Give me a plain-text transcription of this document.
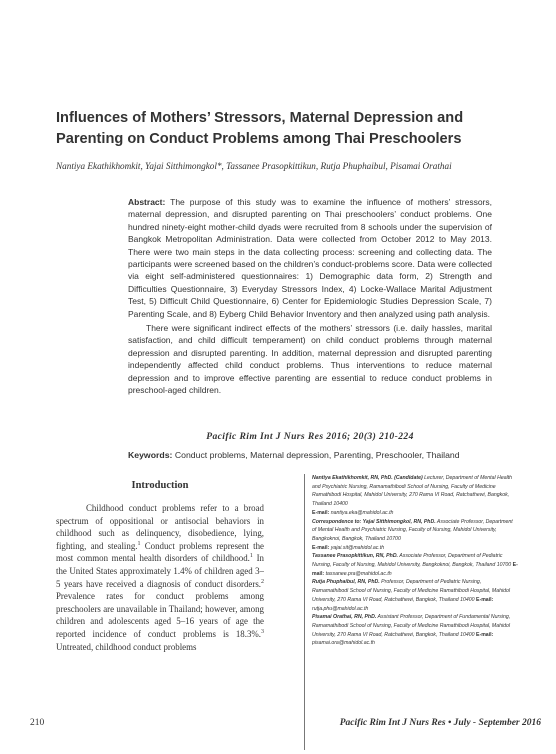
Influences of Mothers’ Stressors, Maternal Depression and Parenting on Conduct Problems among Thai Preschoolers
Nantiya Ekathikhomkit, Yajai Sitthimongkol*, Tassanee Prasopkittikun, Rutja Phuphaibul, Pisamai Orathai

Abstract: The purpose of this study was to examine the influence of mothers’ stressors, maternal depression, and disrupted parenting on Thai preschoolers’ conduct problems. One hundred ninety-eight mother-child dyads were recruited from 8 schools under the supervision of Bangkok Metropolitan Administration. Data were collected from October 2012 to May 2013. There were two main steps in the data collecting process: screening and collecting data. The participants were screened based on the children’s conduct-problems score. Data were collected via eight self-administered questionnaires: 1) Demographic data form, 2) Strength and Difficulties Questionnaire, 3) Everyday Stressors Index, 4) Locke-Wallace Marital Adjustment Test, 5) Difficult Child Questionnaire, 6) Center for Epidemiologic Studies Depression Scale, 7) Parenting Scale, and 8) Eyberg Child Behavior Inventory and then analyzed using path analysis.

There were significant indirect effects of the mothers’ stressors (i.e. daily hassles, marital satisfaction, and child difficult temperament) on child conduct problems through maternal depression and disrupted parenting. In addition, maternal depression and disrupted parenting independently affected child conduct problems. Thus interventions to reduce maternal depression and to improve effective parenting are essential to reduce conduct problems in preschool-aged children.

Pacific Rim Int J Nurs Res 2016; 20(3) 210-224
Keywords: Conduct problems, Maternal depression, Parenting, Preschooler, Thailand
Introduction
Childhood conduct problems refer to a broad spectrum of oppositional or antisocial behaviors in childhood such as delinquency, disobedience, lying, fighting, and stealing.$^1$ Conduct problems represent the most common mental health disorders of childhood.$^1$ In the United States approximately 1.4% of children aged 3–5 years have received a diagnosis of conduct disorders.$^2$ Prevalence rates for conduct problems among preschoolers are unavailable in Thailand; however, among children and adolescents aged 5–16 years of age the reported incidence of conduct problems is 18.3%.$^3$ Untreated, childhood conduct problems
Nantiya Ekathikhomkit, RN, PhD. (Candidate) Lecturer, Department of Mental Health and Psychiatric Nursing, Ramamathibodi School of Nursing, Faculty of Medicine Ramathibodi Hospital, Mahidol University, 270 Rama VI Road, Ratchathewi, Bangkok, Thailand 10400
E-mail: nantiya.eka@mahidol.ac.th
Correspondence to: Yajai Sitthimongkol, RN, PhD. Associate Professor, Department of Mental Health and Psychiatric Nursing, Faculty of Nursing, Mahidol University, Bangkoknoi, Bangkok, Thailand 10700
E-mail: yajai.sit@mahidol.ac.th
Tassanee Prasopkittikun, RN, PhD. Associate Professor, Department of Pediatric Nursing, Faculty of Nursing, Mahidol University, Bangkoknoi, Bangkok, Thailand 10700 E-mail: tassanee.pra@mahidol.ac.th
Rutja Phuphaibul, RN, PhD. Professor, Department of Pediatric Nursing, Ramamathibodi School of Nursing, Faculty of Medicine Ramathibodi Hospital, Mahidol University, 270 Rama VI Road, Ratchathewi, Bangkok, Thailand 10400 E-mail: rutja.phu@mahidol.ac.th
Pisamai Orathai, RN, PhD. Assistant Professor, Department of Fundamental Nursing, Ramamathibodi School of Nursing, Faculty of Medicine Ramathibodi Hospital, Mahidol University, 270 Rama VI Road, Ratchathewi, Bangkok, Thailand 10400 E-mail: pisamai.ora@mahidol.ac.th
210	Pacific Rim Int J Nurs Res • July - September 2016
